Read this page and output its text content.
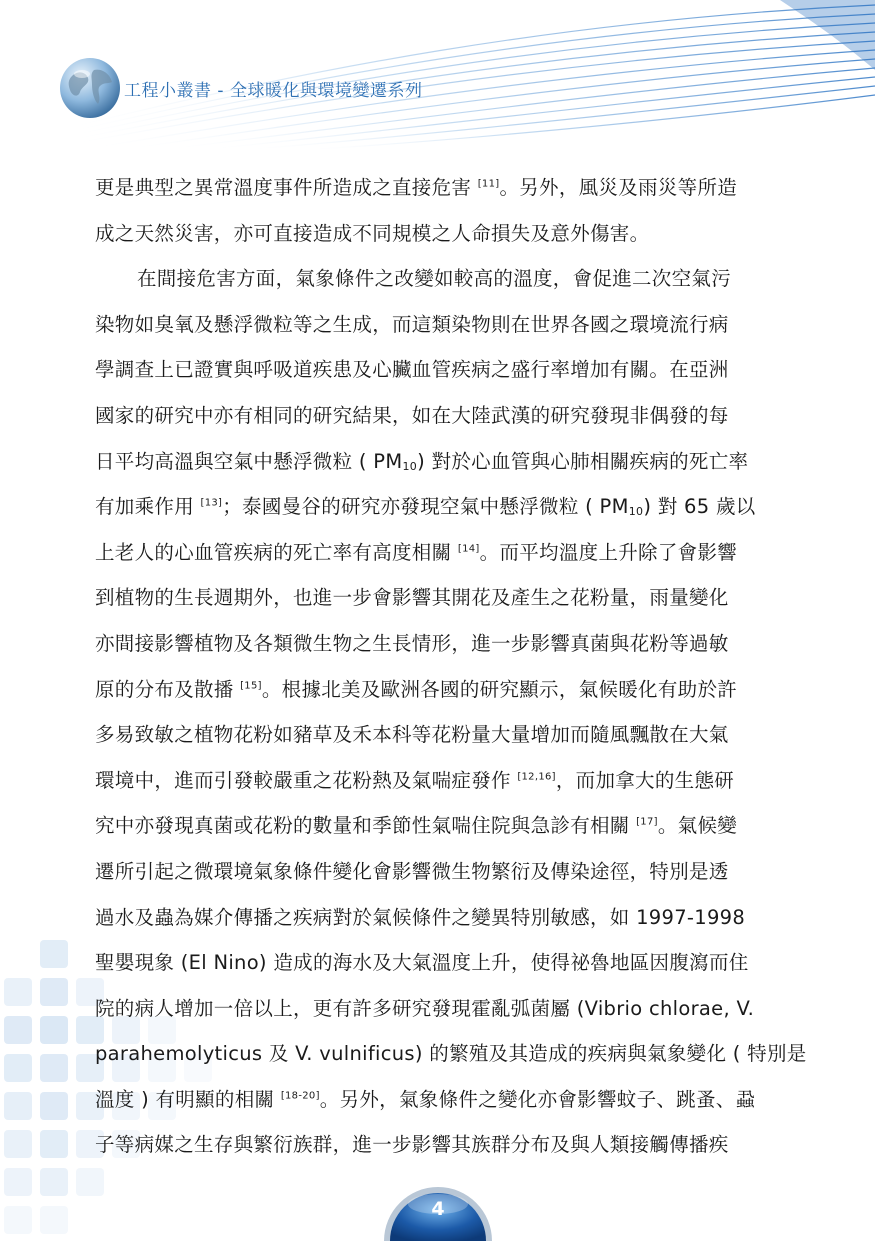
工程小叢書 - 全球暖化與環境變遷系列
更是典型之異常溫度事件所造成之直接危害 [11]。另外，風災及雨災等所造
成之天然災害，亦可直接造成不同規模之人命損失及意外傷害。
在間接危害方面，氣象條件之改變如較高的溫度，會促進二次空氣污
染物如臭氧及懸浮微粒等之生成，而這類染物則在世界各國之環境流行病
學調查上已證實與呼吸道疾患及心臟血管疾病之盛行率增加有關。在亞洲
國家的研究中亦有相同的研究結果，如在大陸武漢的研究發現非偶發的每
日平均高溫與空氣中懸浮微粒 ( $PM_{10}$) 對於心血管與心肺相關疾病的死亡率
有加乘作用 [13]；泰國曼谷的研究亦發現空氣中懸浮微粒 ( $PM_{10}$) 對 65 歲以
上老人的心血管疾病的死亡率有高度相關 [14]。而平均溫度上升除了會影響
到植物的生長週期外，也進一步會影響其開花及產生之花粉量，雨量變化
亦間接影響植物及各類微生物之生長情形，進一步影響真菌與花粉等過敏
原的分布及散播 [15]。根據北美及歐洲各國的研究顯示，氣候暖化有助於許
多易致敏之植物花粉如豬草及禾本科等花粉量大量增加而隨風飄散在大氣
環境中，進而引發較嚴重之花粉熱及氣喘症發作 [12,16]，而加拿大的生態研
究中亦發現真菌或花粉的數量和季節性氣喘住院與急診有相關 [17]。氣候變
遷所引起之微環境氣象條件變化會影響微生物繁衍及傳染途徑，特別是透
過水及蟲為媒介傳播之疾病對於氣候條件之變異特別敏感，如 1997-1998
聖嬰現象 (El Nino) 造成的海水及大氣溫度上升，使得祕魯地區因腹瀉而住
院的病人增加一倍以上，更有許多研究發現霍亂弧菌屬 (Vibrio chlorae, V.
parahemolyticus 及 V. vulnificus) 的繁殖及其造成的疾病與氣象變化 ( 特別是
溫度 ) 有明顯的相關 [18-20]。另外，氣象條件之變化亦會影響蚊子、跳蚤、蝨
子等病媒之生存與繁衍族群，進一步影響其族群分布及與人類接觸傳播疾
4
